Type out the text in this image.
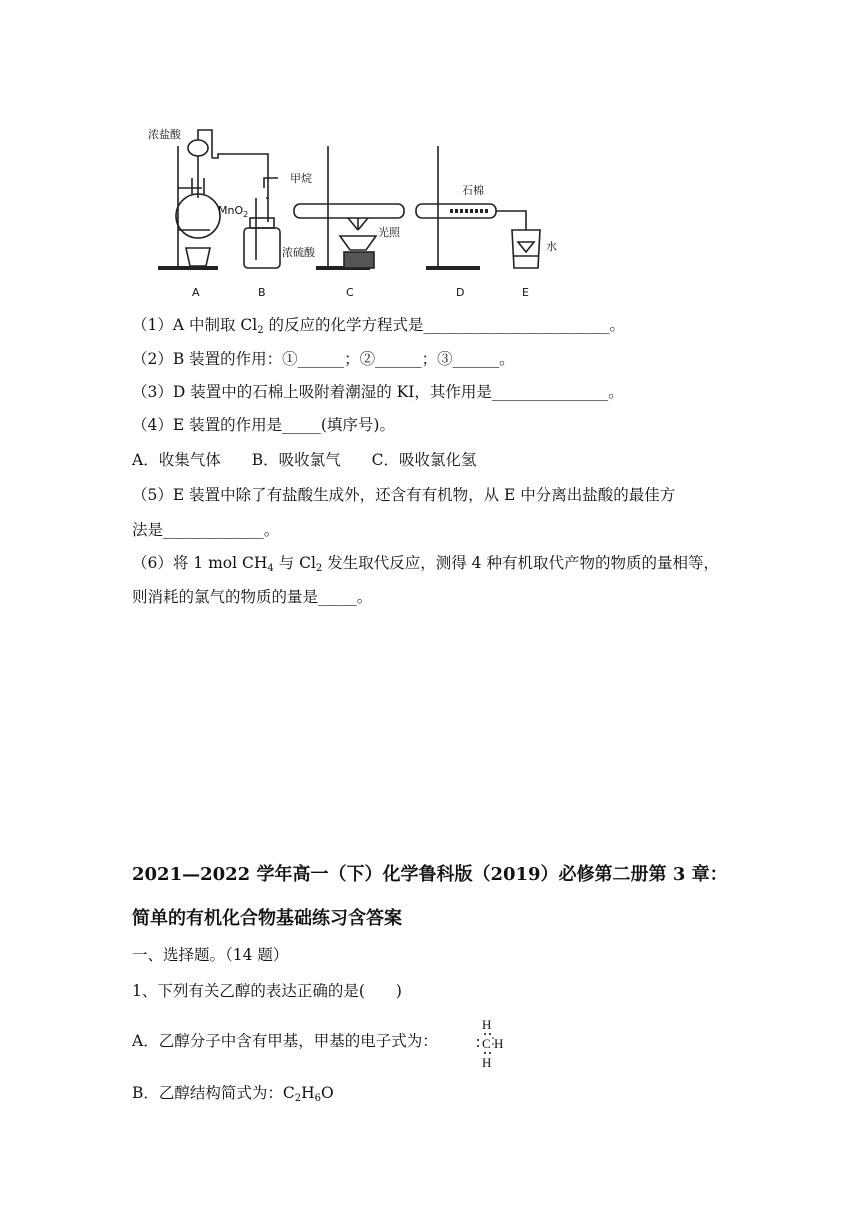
浓盐酸
MnO$_2$
甲烷
浓硫酸
光照
石棉
水
A	B	C	D	E
（1）A 中制取 $Cl_2$ 的反应的化学方程式是________________________。
（2）B 装置的作用：①______；②______；③______。
（3）D 装置中的石棉上吸附着潮湿的 KI，其作用是_______________。
（4）E 装置的作用是_____(填序号)。
A．收集气体　　B．吸收氯气　　C．吸收氯化氢
（5）E 装置中除了有盐酸生成外，还含有有机物，从 E 中分离出盐酸的最佳方
法是_____________。
（6）将 1 mol $CH_4$ 与 $Cl_2$ 发生取代反应，测得 4 种有机取代产物的物质的量相等，
则消耗的氯气的物质的量是_____。
2021—2022 学年高一（下）化学鲁科版（2019）必修第二册第 3 章：
简单的有机化合物基础练习含答案
一、选择题。（14 题）
1、下列有关乙醇的表达正确的是(　　)
A．乙醇分子中含有甲基，甲基的电子式为：
H
C H
H
B．乙醇结构简式为：$C_2H_6O$
